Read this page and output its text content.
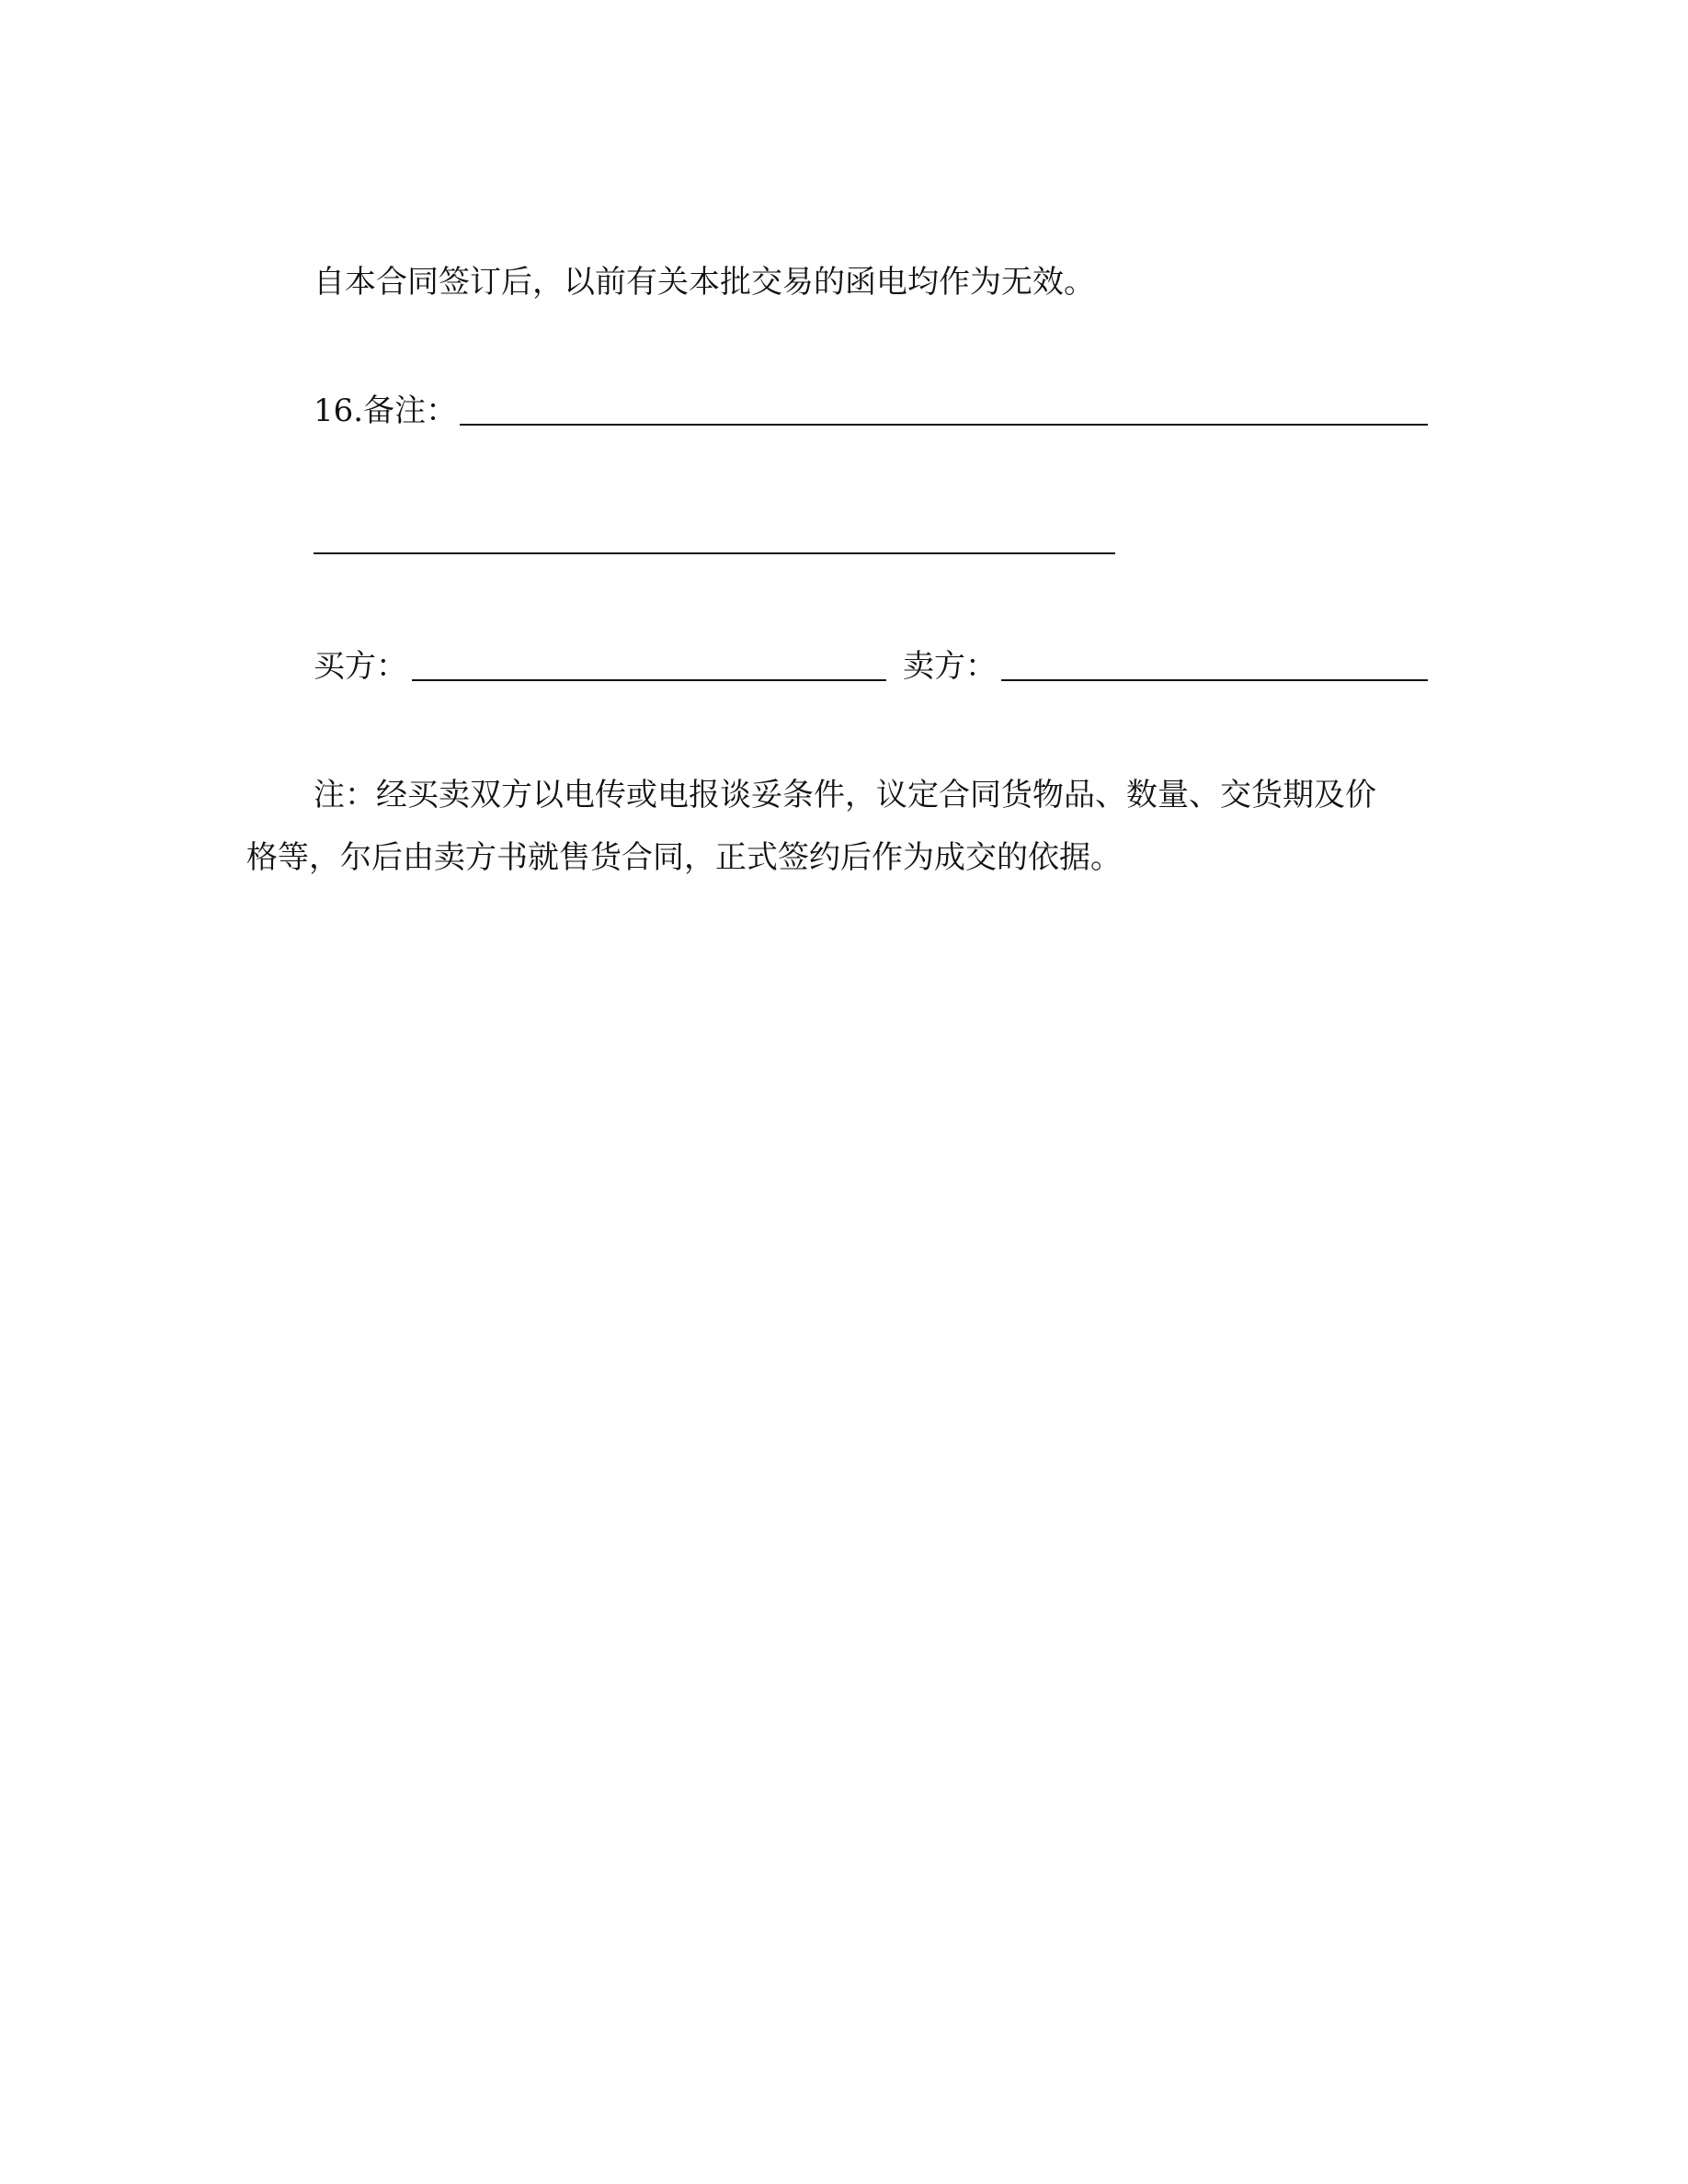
自本合同签订后，以前有关本批交易的函电均作为无效。
16.备注：
买方：	卖方：
注：经买卖双方以电传或电报谈妥条件，议定合同货物品、数量、交货期及价
格等，尔后由卖方书就售货合同，正式签约后作为成交的依据。
